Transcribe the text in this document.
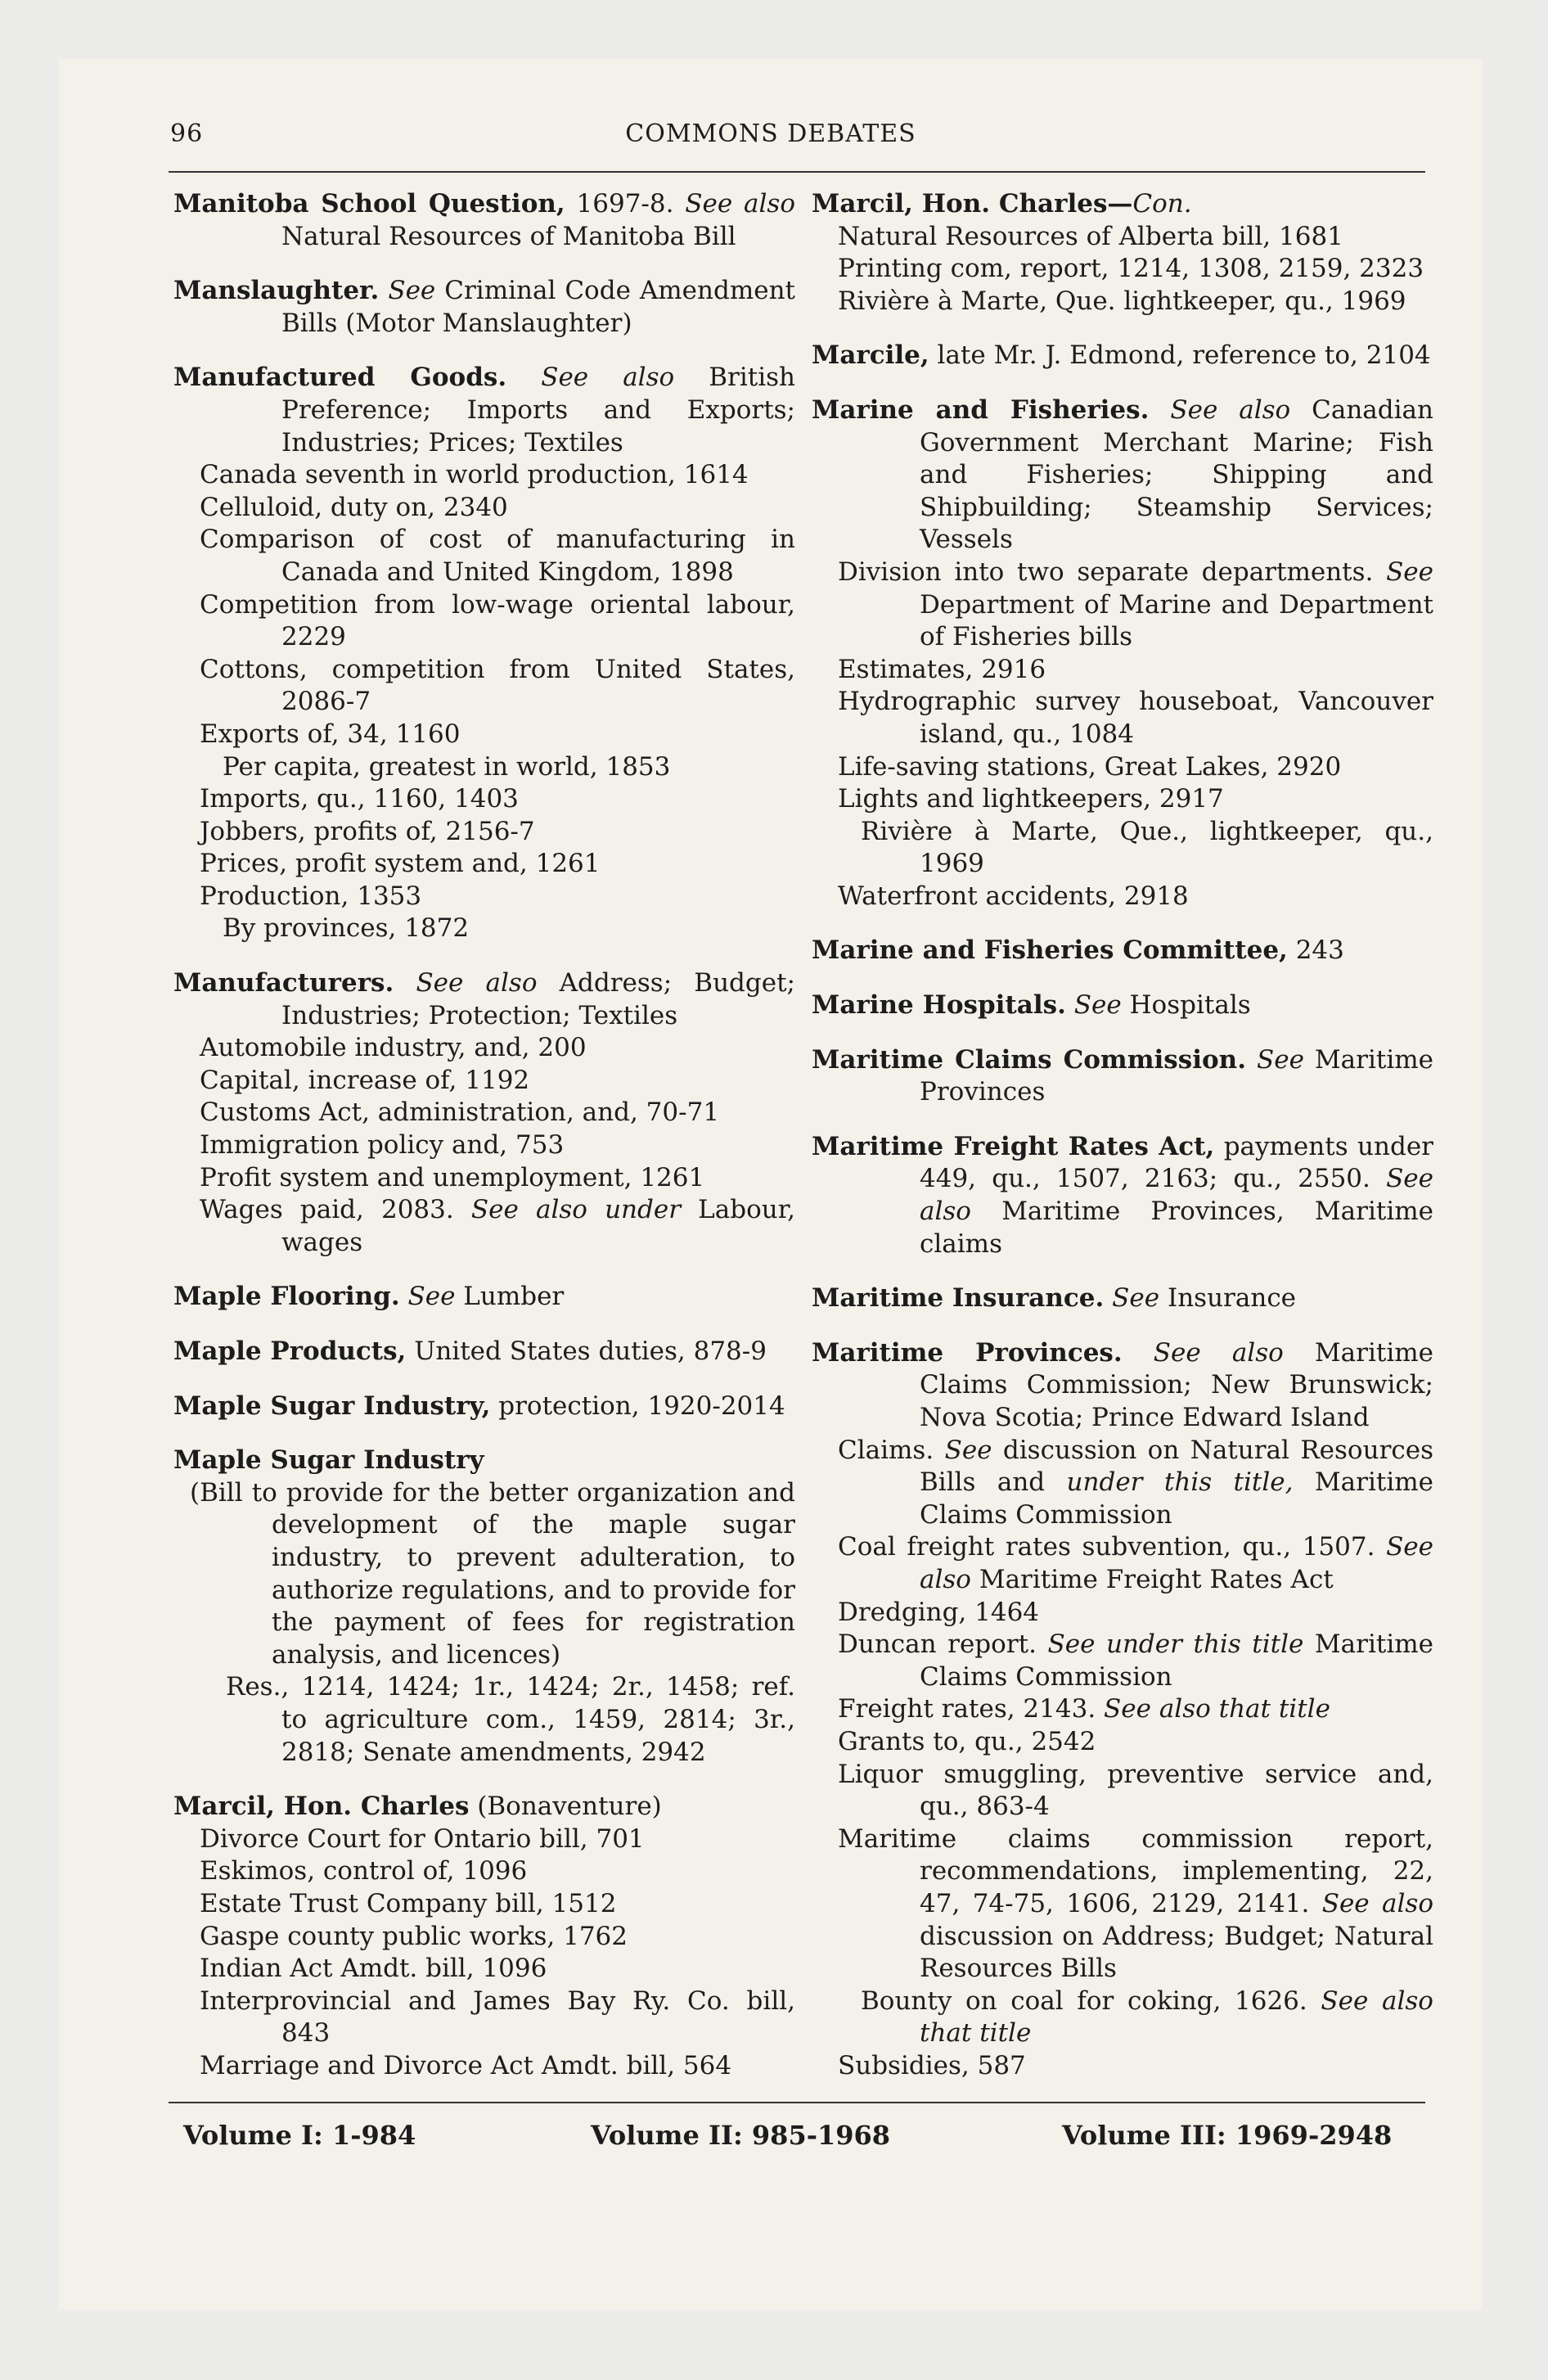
96	COMMONS DEBATES
Manitoba School Question, 1697-8. See also Natural Resources of Manitoba Bill
Manslaughter. See Criminal Code Amendment Bills (Motor Manslaughter)
Manufactured Goods. See also British Preference; Imports and Exports; Industries; Prices; Textiles
Canada seventh in world production, 1614
Celluloid, duty on, 2340
Comparison of cost of manufacturing in Canada and United Kingdom, 1898
Competition from low-wage oriental labour, 2229
Cottons, competition from United States, 2086-7
Exports of, 34, 1160
Per capita, greatest in world, 1853
Imports, qu., 1160, 1403
Jobbers, profits of, 2156-7
Prices, profit system and, 1261
Production, 1353
By provinces, 1872
Manufacturers. See also Address; Budget; Industries; Protection; Textiles
Automobile industry, and, 200
Capital, increase of, 1192
Customs Act, administration, and, 70-71
Immigration policy and, 753
Profit system and unemployment, 1261
Wages paid, 2083. See also under Labour, wages
Maple Flooring. See Lumber
Maple Products, United States duties, 878-9
Maple Sugar Industry, protection, 1920-2014
Maple Sugar Industry
(Bill to provide for the better organization and development of the maple sugar industry, to prevent adulteration, to authorize regulations, and to provide for the payment of fees for registration analysis, and licences)
Res., 1214, 1424; 1r., 1424; 2r., 1458; ref. to agriculture com., 1459, 2814; 3r., 2818; Senate amendments, 2942
Marcil, Hon. Charles (Bonaventure)
Divorce Court for Ontario bill, 701
Eskimos, control of, 1096
Estate Trust Company bill, 1512
Gaspe county public works, 1762
Indian Act Amdt. bill, 1096
Interprovincial and James Bay Ry. Co. bill, 843
Marriage and Divorce Act Amdt. bill, 564
Marcil, Hon. Charles—Con.
Natural Resources of Alberta bill, 1681
Printing com, report, 1214, 1308, 2159, 2323
Rivière à Marte, Que. lightkeeper, qu., 1969
Marcile, late Mr. J. Edmond, reference to, 2104
Marine and Fisheries. See also Canadian Government Merchant Marine; Fish and Fisheries; Shipping and Shipbuilding; Steamship Services; Vessels
Division into two separate departments. See Department of Marine and Department of Fisheries bills
Estimates, 2916
Hydrographic survey houseboat, Vancouver island, qu., 1084
Life-saving stations, Great Lakes, 2920
Lights and lightkeepers, 2917
Rivière à Marte, Que., lightkeeper, qu., 1969
Waterfront accidents, 2918
Marine and Fisheries Committee, 243
Marine Hospitals. See Hospitals
Maritime Claims Commission. See Maritime Provinces
Maritime Freight Rates Act, payments under 449, qu., 1507, 2163; qu., 2550. See also Maritime Provinces, Maritime claims
Maritime Insurance. See Insurance
Maritime Provinces. See also Maritime Claims Commission; New Brunswick; Nova Scotia; Prince Edward Island
Claims. See discussion on Natural Resources Bills and under this title, Maritime Claims Commission
Coal freight rates subvention, qu., 1507. See also Maritime Freight Rates Act
Dredging, 1464
Duncan report. See under this title Maritime Claims Commission
Freight rates, 2143. See also that title
Grants to, qu., 2542
Liquor smuggling, preventive service and, qu., 863-4
Maritime claims commission report, recommendations, implementing, 22, 47, 74-75, 1606, 2129, 2141. See also discussion on Address; Budget; Natural Resources Bills
Bounty on coal for coking, 1626. See also that title
Subsidies, 587
Volume I: 1-984	Volume II: 985-1968	Volume III: 1969-2948
